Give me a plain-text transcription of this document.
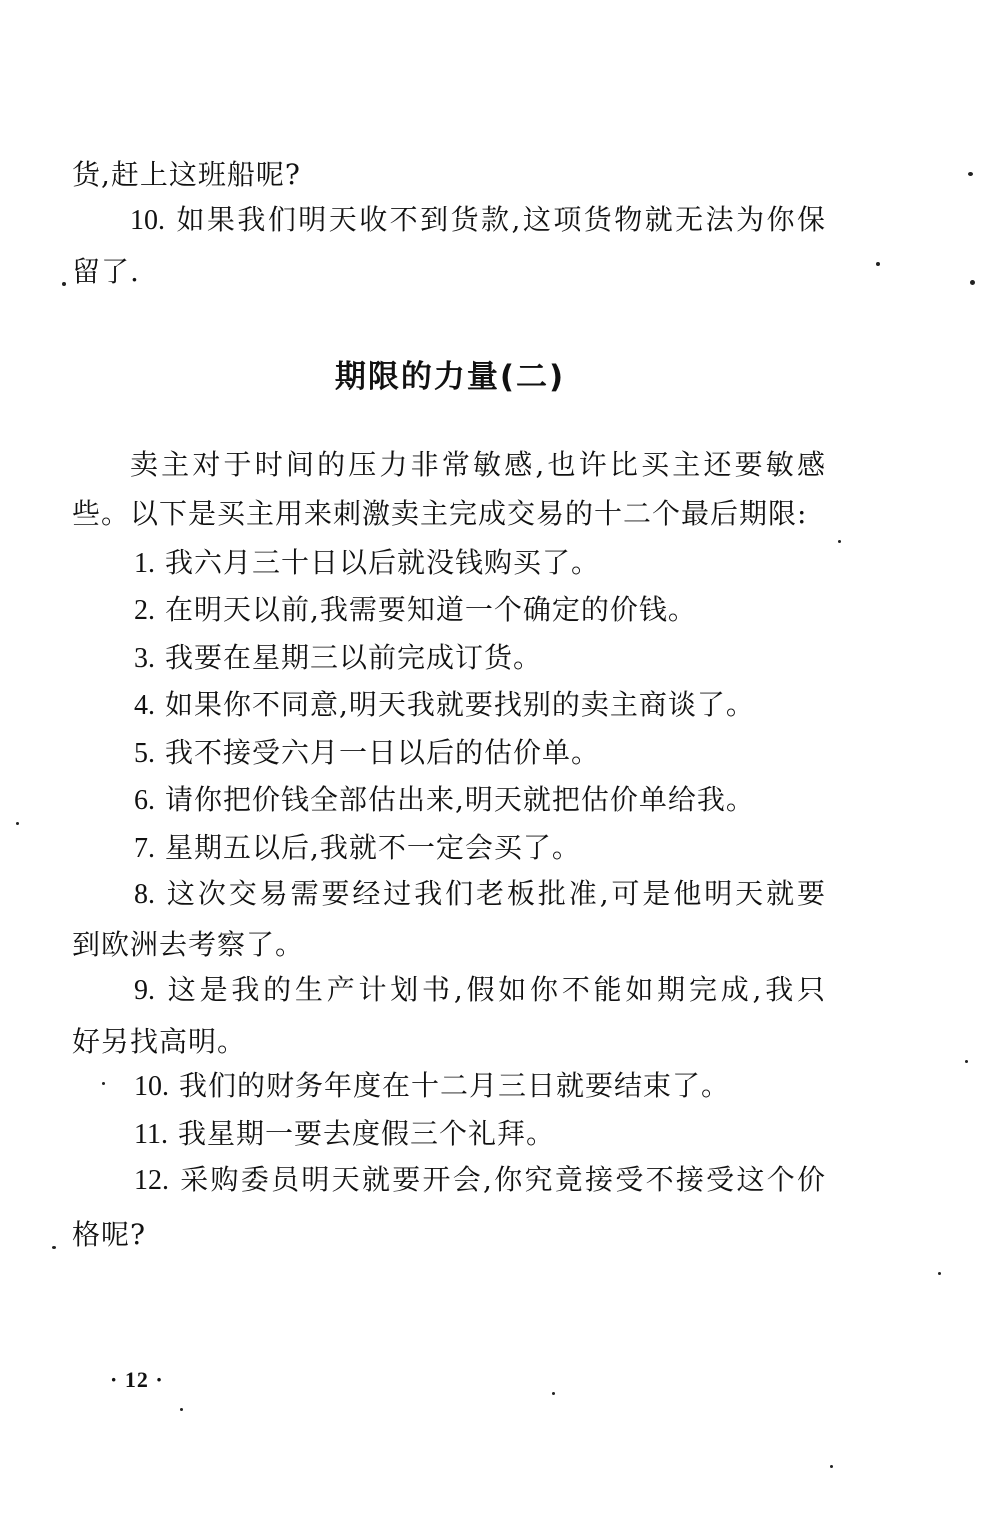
货,赶上这班船呢?
10. 如果我们明天收不到货款,这项货物就无法为你保
留了.
期限的力量(二)
卖主对于时间的压力非常敏感,也许比买主还要敏感
些。以下是买主用来刺激卖主完成交易的十二个最后期限:
1. 我六月三十日以后就没钱购买了。
2. 在明天以前,我需要知道一个确定的价钱。
3. 我要在星期三以前完成订货。
4. 如果你不同意,明天我就要找别的卖主商谈了。
5. 我不接受六月一日以后的估价单。
6. 请你把价钱全部估出来,明天就把估价单给我。
7. 星期五以后,我就不一定会买了。
8. 这次交易需要经过我们老板批准,可是他明天就要
到欧洲去考察了。
9. 这是我的生产计划书,假如你不能如期完成,我只
好另找高明。
10. 我们的财务年度在十二月三日就要结束了。
11. 我星期一要去度假三个礼拜。
12. 采购委员明天就要开会,你究竟接受不接受这个价
格呢?
· 12 ·
